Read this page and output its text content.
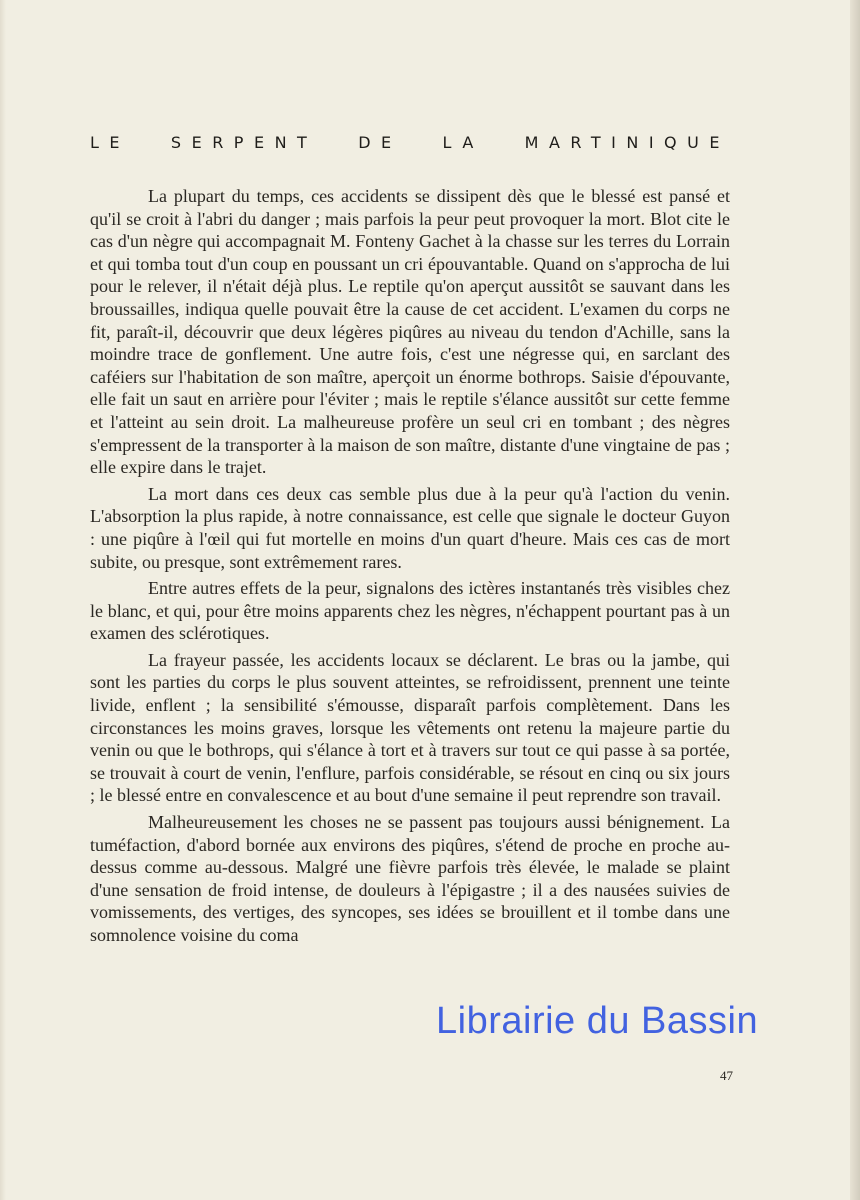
LE	SERPENT	DE	LA	MARTINIQUE

La plupart du temps, ces accidents se dissipent dès que le blessé est pansé et qu'il se croit à l'abri du danger ; mais parfois la peur peut provoquer la mort. Blot cite le cas d'un nègre qui accompagnait M. Fonteny Gachet à la chasse sur les terres du Lorrain et qui tomba tout d'un coup en poussant un cri épouvantable. Quand on s'approcha de lui pour le relever, il n'était déjà plus. Le reptile qu'on aperçut aussitôt se sauvant dans les broussailles, indiqua quelle pouvait être la cause de cet accident. L'examen du corps ne fit, paraît-il, découvrir que deux légères piqûres au niveau du tendon d'Achille, sans la moindre trace de gonflement. Une autre fois, c'est une négresse qui, en sarclant des caféiers sur l'habitation de son maître, aperçoit un énorme bothrops. Saisie d'épouvante, elle fait un saut en arrière pour l'éviter ; mais le reptile s'élance aussitôt sur cette femme et l'atteint au sein droit. La malheureuse profère un seul cri en tombant ; des nègres s'empressent de la transporter à la maison de son maître, distante d'une vingtaine de pas ; elle expire dans le trajet.

La mort dans ces deux cas semble plus due à la peur qu'à l'action du venin. L'absorption la plus rapide, à notre connaissance, est celle que signale le docteur Guyon : une piqûre à l'œil qui fut mortelle en moins d'un quart d'heure. Mais ces cas de mort subite, ou presque, sont extrêmement rares.

Entre autres effets de la peur, signalons des ictères instantanés très visibles chez le blanc, et qui, pour être moins apparents chez les nègres, n'échappent pourtant pas à un examen des sclérotiques.

La frayeur passée, les accidents locaux se déclarent. Le bras ou la jambe, qui sont les parties du corps le plus souvent atteintes, se refroidissent, prennent une teinte livide, enflent ; la sensibilité s'émousse, disparaît parfois complètement. Dans les circonstances les moins graves, lorsque les vêtements ont retenu la majeure partie du venin ou que le bothrops, qui s'élance à tort et à travers sur tout ce qui passe à sa portée, se trouvait à court de venin, l'enflure, parfois considérable, se résout en cinq ou six jours ; le blessé entre en convalescence et au bout d'une semaine il peut reprendre son travail.

Malheureusement les choses ne se passent pas toujours aussi bénignement. La tuméfaction, d'abord bornée aux environs des piqûres, s'étend de proche en proche au-dessus comme au-dessous. Malgré une fièvre parfois très élevée, le malade se plaint d'une sensation de froid intense, de douleurs à l'épigastre ; il a des nausées suivies de vomissements, des vertiges, des syncopes, ses idées se brouillent et il tombe dans une somnolence voisine du coma

47
Librairie du Bassin
